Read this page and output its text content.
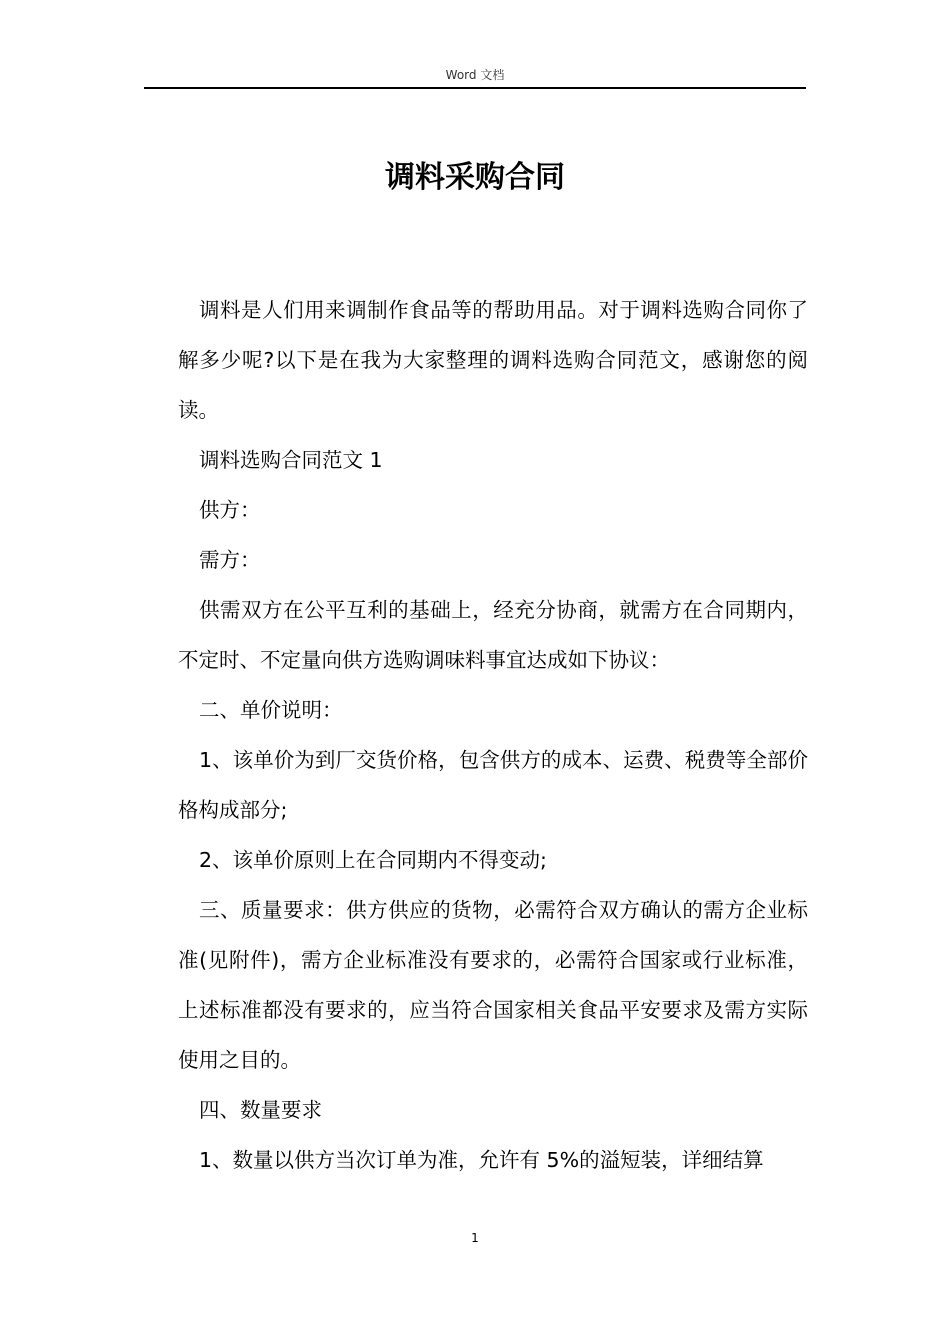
Word 文档
调料采购合同

调料是人们用来调制作食品等的帮助用品。对于调料选购合同你了解多少呢?以下是在我为大家整理的调料选购合同范文，感谢您的阅读。

调料选购合同范文 1

供方：

需方：

供需双方在公平互利的基础上，经充分协商，就需方在合同期内，不定时、不定量向供方选购调味料事宜达成如下协议：

二、单价说明：

1、该单价为到厂交货价格，包含供方的成本、运费、税费等全部价格构成部分;

2、该单价原则上在合同期内不得变动;

三、质量要求：供方供应的货物，必需符合双方确认的需方企业标准(见附件)，需方企业标准没有要求的，必需符合国家或行业标准，上述标准都没有要求的，应当符合国家相关食品平安要求及需方实际使用之目的。

四、数量要求

1、数量以供方当次订单为准，允许有 5%的溢短装，详细结算

1
